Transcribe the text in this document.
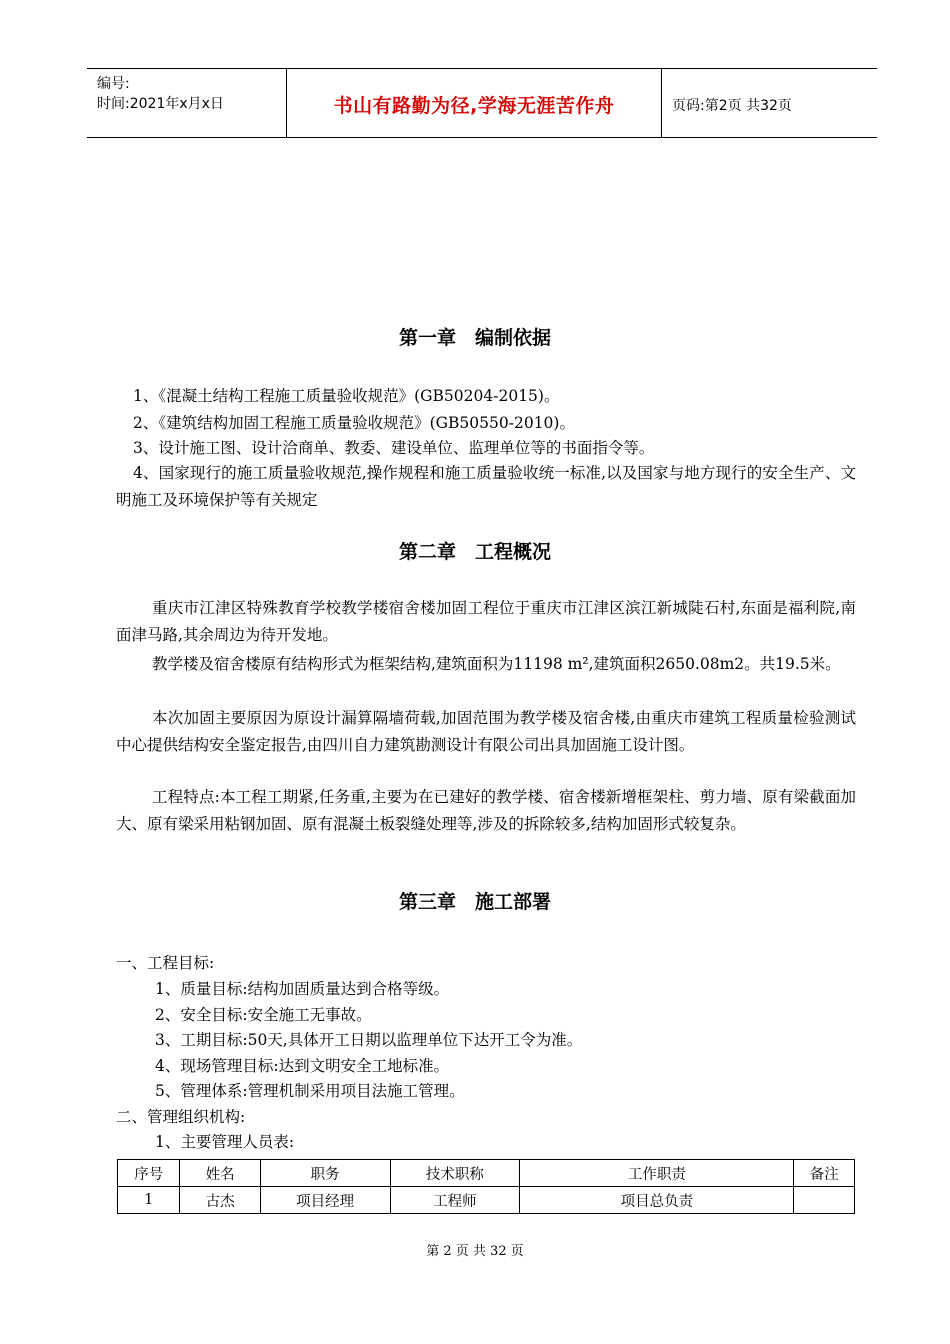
编号:
时间:2021年x月x日	书山有路勤为径,学海无涯苦作舟	页码:第2页 共32页
第一章　编制依据
1、《混凝土结构工程施工质量验收规范》(GB50204-2015)。
2、《建筑结构加固工程施工质量验收规范》(GB50550-2010)。
3、设计施工图、设计洽商单、教委、建设单位、监理单位等的书面指令等。
4、国家现行的施工质量验收规范,操作规程和施工质量验收统一标准,以及国家与地方现行的安全生产、文明施工及环境保护等有关规定
第二章　工程概况
重庆市江津区特殊教育学校教学楼宿舍楼加固工程位于重庆市江津区滨江新城陡石村,东面是福利院,南面津马路,其余周边为待开发地。
教学楼及宿舍楼原有结构形式为框架结构,建筑面积为11198 m²,建筑面积2650.08m2。共19.5米。
本次加固主要原因为原设计漏算隔墙荷载,加固范围为教学楼及宿舍楼,由重庆市建筑工程质量检验测试中心提供结构安全鉴定报告,由四川自力建筑勘测设计有限公司出具加固施工设计图。
工程特点:本工程工期紧,任务重,主要为在已建好的教学楼、宿舍楼新增框架柱、剪力墙、原有梁截面加大、原有梁采用粘钢加固、原有混凝土板裂缝处理等,涉及的拆除较多,结构加固形式较复杂。
第三章　施工部署
一、工程目标:
1、质量目标:结构加固质量达到合格等级。
2、安全目标:安全施工无事故。
3、工期目标:50天,具体开工日期以监理单位下达开工令为准。
4、现场管理目标:达到文明安全工地标准。
5、管理体系:管理机制采用项目法施工管理。
二、管理组织机构:
1、主要管理人员表:
序号	姓名	职务	技术职称	工作职责	备注
1	古杰	项目经理	工程师	项目总负责	
第 2 页 共 32 页
